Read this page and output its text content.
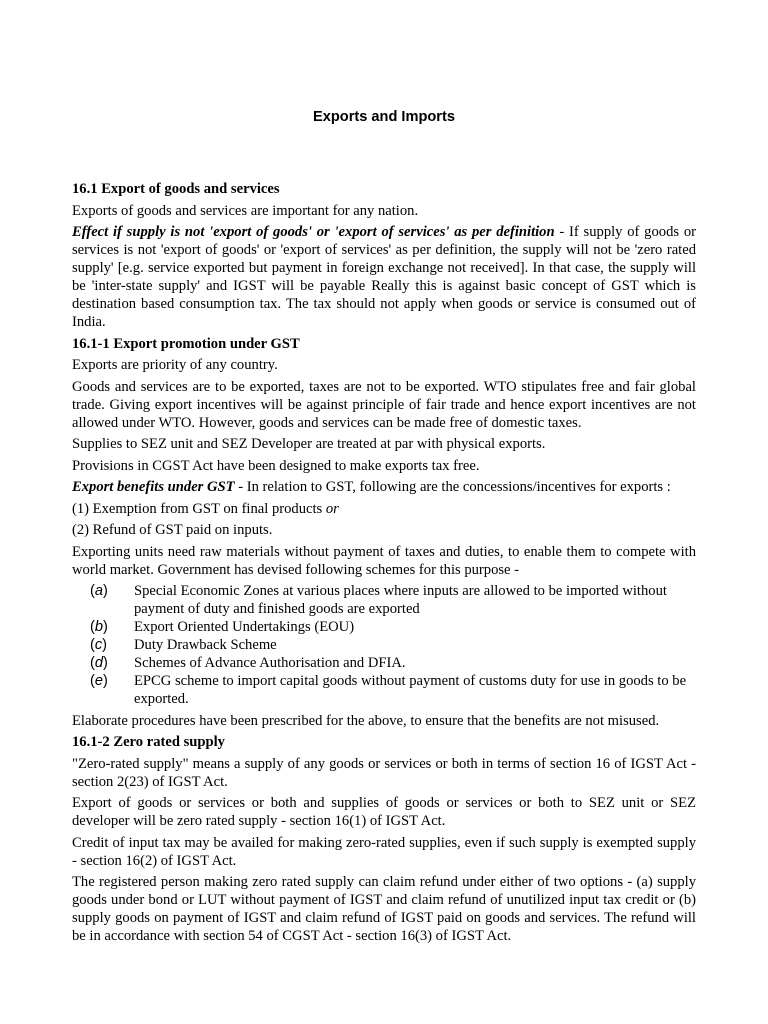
Exports and Imports
16.1 Export of goods and services

Exports of goods and services are important for any nation.

Effect if supply is not 'export of goods' or 'export of services' as per definition - If supply of goods or services is not 'export of goods' or 'export of services' as per definition, the supply will not be 'zero rated supply' [e.g. service exported but payment in foreign exchange not received]. In that case, the supply will be 'inter-state supply' and IGST will be payable Really this is against basic concept of GST which is destination based consumption tax. The tax should not apply when goods or service is consumed out of India.

16.1-1 Export promotion under GST

Exports are priority of any country.

Goods and services are to be exported, taxes are not to be exported. WTO stipulates free and fair global trade. Giving export incentives will be against principle of fair trade and hence export incentives are not allowed under WTO. However, goods and services can be made free of domestic taxes.

Supplies to SEZ unit and SEZ Developer are treated at par with physical exports.

Provisions in CGST Act have been designed to make exports tax free.

Export benefits under GST - In relation to GST, following are the concessions/incentives for exports :

(1) Exemption from GST on final products or

(2) Refund of GST paid on inputs.

Exporting units need raw materials without payment of taxes and duties, to enable them to compete with world market. Government has devised following schemes for this purpose -

(a) Special Economic Zones at various places where inputs are allowed to be imported without payment of duty and finished goods are exported
(b) Export Oriented Undertakings (EOU)
(c) Duty Drawback Scheme
(d) Schemes of Advance Authorisation and DFIA.
(e) EPCG scheme to import capital goods without payment of customs duty for use in goods to be exported.

Elaborate procedures have been prescribed for the above, to ensure that the benefits are not misused.

16.1-2 Zero rated supply

"Zero-rated supply" means a supply of any goods or services or both in terms of section 16 of IGST Act - section 2(23) of IGST Act.

Export of goods or services or both and supplies of goods or services or both to SEZ unit or SEZ developer will be zero rated supply - section 16(1) of IGST Act.

Credit of input tax may be availed for making zero-rated supplies, even if such supply is exempted supply - section 16(2) of IGST Act.

The registered person making zero rated supply can claim refund under either of two options - (a) supply goods under bond or LUT without payment of IGST and claim refund of unutilized input tax credit or (b) supply goods on payment of IGST and claim refund of IGST paid on goods and services. The refund will be in accordance with section 54 of CGST Act - section 16(3) of IGST Act.
